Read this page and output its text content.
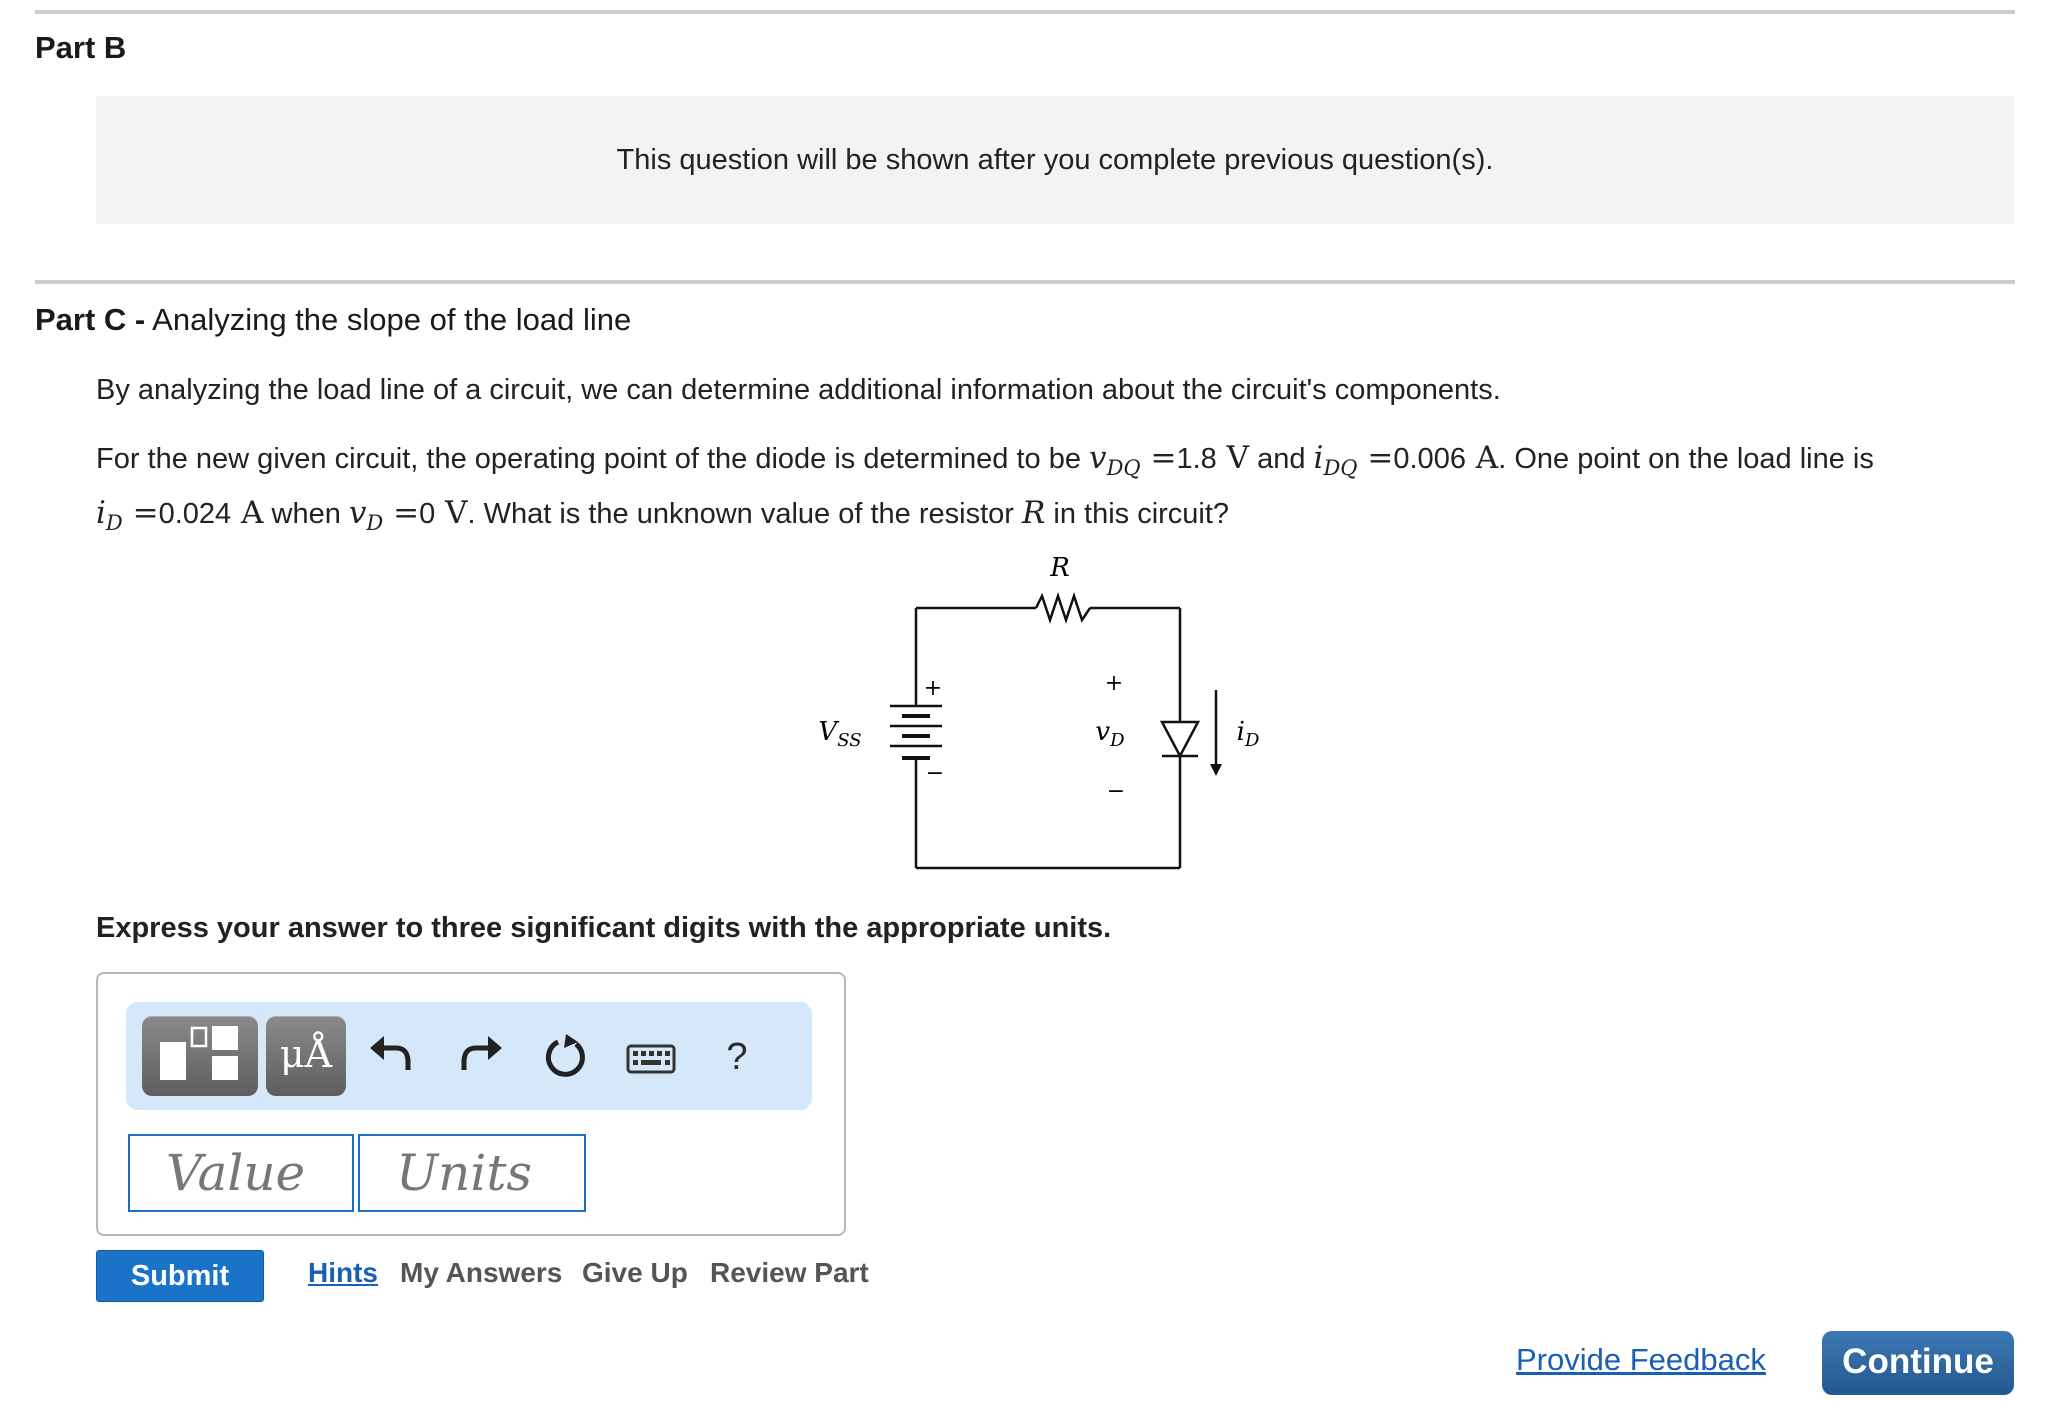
Part B
This question will be shown after you complete previous question(s).
Part C - Analyzing the slope of the load line
By analyzing the load line of a circuit, we can determine additional information about the circuit's components.
For the new given circuit, the operating point of the diode is determined to be $v_{DQ} =1.8$ V and $i_{DQ} =0.006$ A. One point on the load line is
$i_D =0.024$ A when $v_D =0$ V. What is the unknown value of the resistor R in this circuit?
R
+
−
$V_{SS}$
+
$v_D$
−
$i_D$
Express your answer to three significant digits with the appropriate units.
μÅ	?
Value	Units
Submit	Hints My Answers Give Up Review Part
Provide Feedback	Continue
